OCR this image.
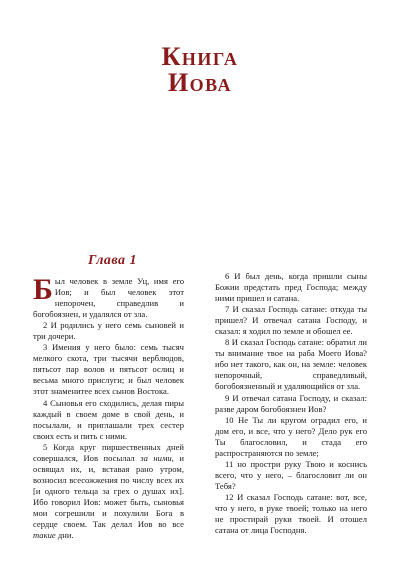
Книга
Иова
Глава 1

Был человек в земле Уц, имя его Иов; и был человек этот непорочен, справедлив и богобоязнен, и удалялся от зла.

2 И родились у него семь сыновей и три дочери.

3 Имения у него было: семь тысяч мелкого скота, три тысячи верблюдов, пятьсот пар волов и пятьсот ослиц и весьма много прислуги; и был человек этот знаменитее всех сынов Востока.

4 Сыновья его сходились, делая пиры каждый в своем доме в свой день, и посылали, и приглашали трех сестер своих есть и пить с ними.

5 Когда круг пиршественных дней совершался, Иов посылал за ними, и освящал их, и, вставая рано утром, возносил всесожжения по числу всех их [и одного тельца за грех о душах их]. Ибо говорил Иов: может быть, сыновья мои согрешили и похулили Бога в сердце своем. Так делал Иов во все такие дни.

6 И был день, когда пришли сыны Божии предстать пред Господа; между ними пришел и сатана.

7 И сказал Господь сатане: откуда ты пришел? И отвечал сатана Господу, и сказал: я ходил по земле и обошел ее.

8 И сказал Господь сатане: обратил ли ты внимание твое на раба Моего Иова? ибо нет такого, как он, на земле: человек непорочный, справедливый, богобоязненный и удаляющийся от зла.

9 И отвечал сатана Господу, и сказал: разве даром богобоязнен Иов?

10 Не Ты ли кругом оградил его, и дом его, и все, что у него? Дело рук его Ты благословил, и стада его распространяются по земле;

11 но простри руку Твою и коснись всего, что у него, – благословит ли он Тебя?

12 И сказал Господь сатане: вот, все, что у него, в руке твоей; только на него не простирай руки твоей. И отошел сатана от лица Господня.
